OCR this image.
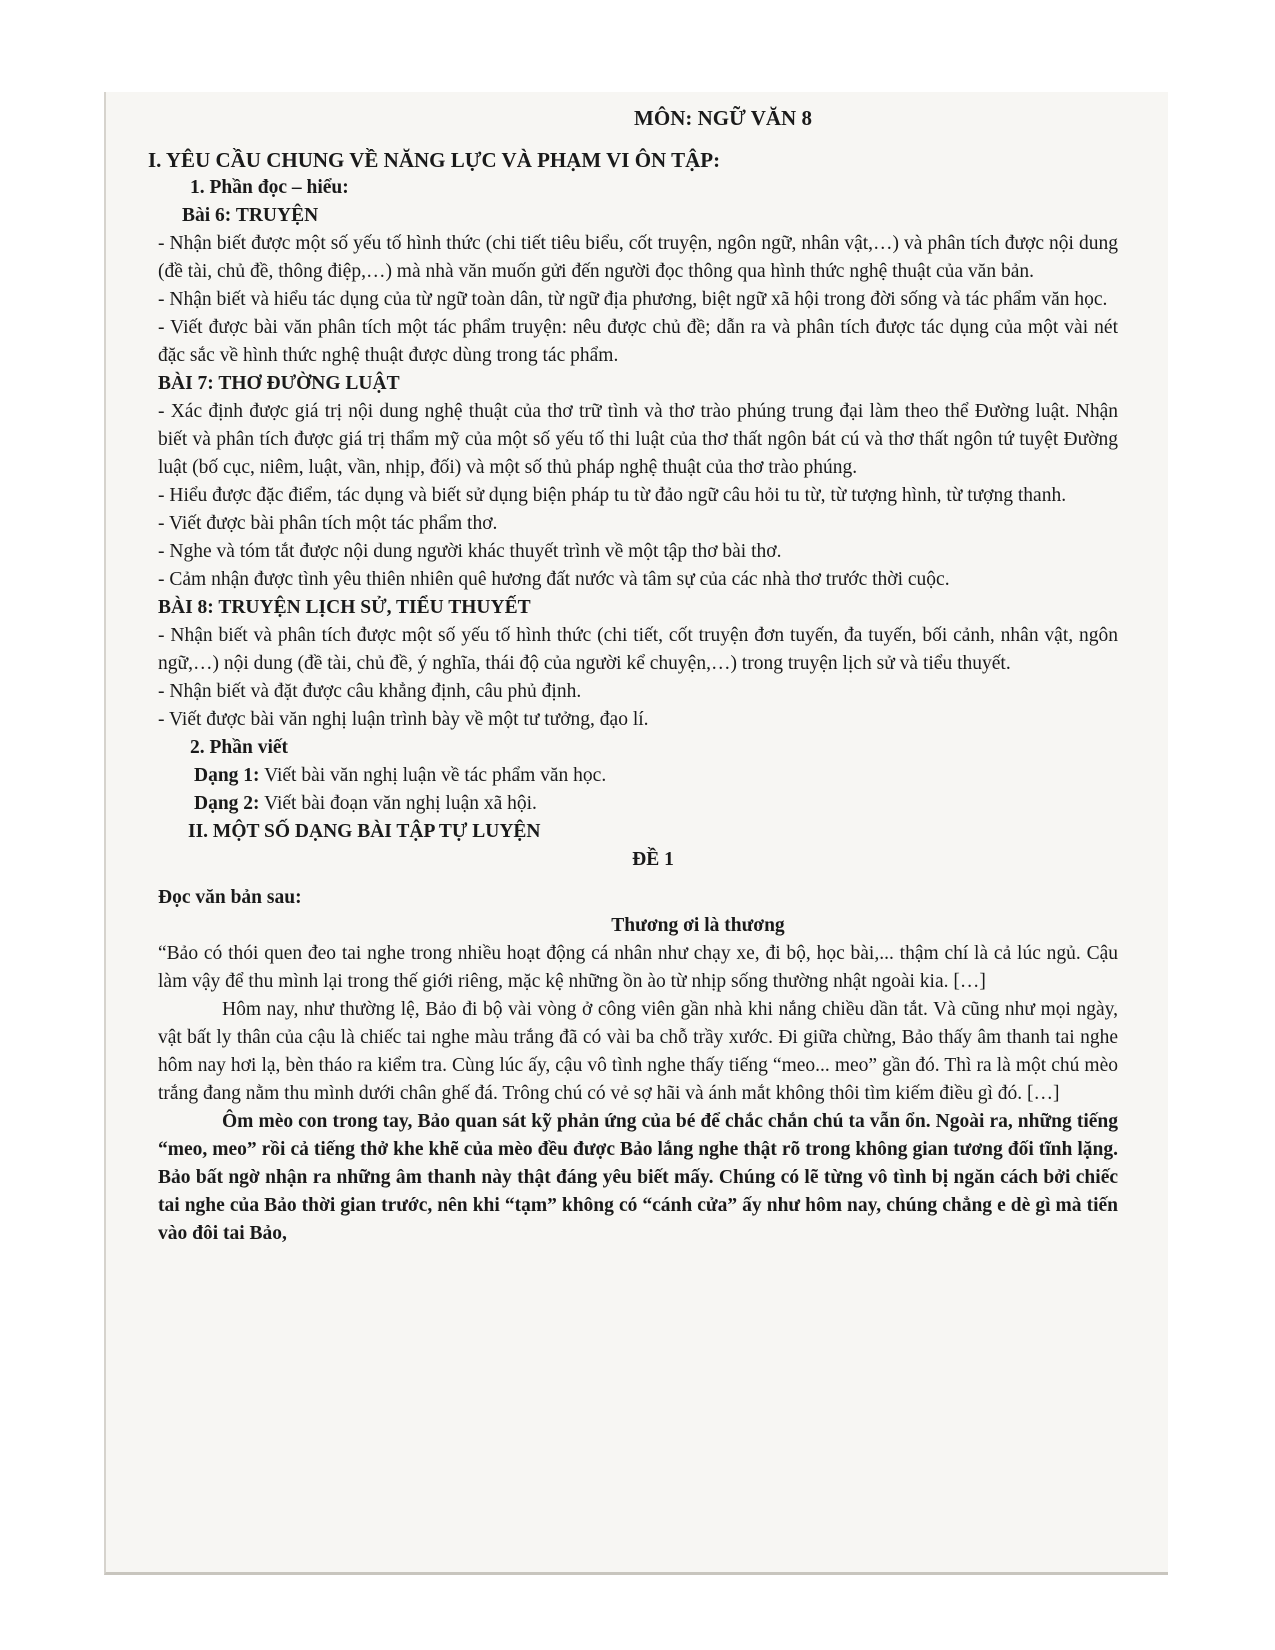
MÔN: NGỮ VĂN 8

I. YÊU CẦU CHUNG VỀ NĂNG LỰC VÀ PHẠM VI ÔN TẬP:

1. Phần đọc – hiểu:

Bài 6: TRUYỆN

- Nhận biết được một số yếu tố hình thức (chi tiết tiêu biểu, cốt truyện, ngôn ngữ, nhân vật,…) và phân tích được nội dung (đề tài, chủ đề, thông điệp,…) mà nhà văn muốn gửi đến người đọc thông qua hình thức nghệ thuật của văn bản.

- Nhận biết và hiểu tác dụng của từ ngữ toàn dân, từ ngữ địa phương, biệt ngữ xã hội trong đời sống và tác phẩm văn học.

- Viết được bài văn phân tích một tác phẩm truyện: nêu được chủ đề; dẫn ra và phân tích được tác dụng của một vài nét đặc sắc về hình thức nghệ thuật được dùng trong tác phẩm.

BÀI 7: THƠ ĐƯỜNG LUẬT

- Xác định được giá trị nội dung nghệ thuật của thơ trữ tình và thơ trào phúng trung đại làm theo thể Đường luật. Nhận biết và phân tích được giá trị thẩm mỹ của một số yếu tố thi luật của thơ thất ngôn bát cú và thơ thất ngôn tứ tuyệt Đường luật (bố cục, niêm, luật, vần, nhịp, đối) và một số thủ pháp nghệ thuật của thơ trào phúng.

- Hiểu được đặc điểm, tác dụng và biết sử dụng biện pháp tu từ đảo ngữ câu hỏi tu từ, từ tượng hình, từ tượng thanh.

- Viết được bài phân tích một tác phẩm thơ.

- Nghe và tóm tắt được nội dung người khác thuyết trình về một tập thơ bài thơ.

- Cảm nhận được tình yêu thiên nhiên quê hương đất nước và tâm sự của các nhà thơ trước thời cuộc.

BÀI 8: TRUYỆN LỊCH SỬ, TIỂU THUYẾT

- Nhận biết và phân tích được một số yếu tố hình thức (chi tiết, cốt truyện đơn tuyến, đa tuyến, bối cảnh, nhân vật, ngôn ngữ,…) nội dung (đề tài, chủ đề, ý nghĩa, thái độ của người kể chuyện,…) trong truyện lịch sử và tiểu thuyết.

- Nhận biết và đặt được câu khẳng định, câu phủ định.

- Viết được bài văn nghị luận trình bày về một tư tưởng, đạo lí.

2. Phần viết

Dạng 1: Viết bài văn nghị luận về tác phẩm văn học.

Dạng 2: Viết bài đoạn văn nghị luận xã hội.

II. MỘT SỐ DẠNG BÀI TẬP TỰ LUYỆN

ĐỀ 1

Đọc văn bản sau:

Thương ơi là thương

“Bảo có thói quen đeo tai nghe trong nhiều hoạt động cá nhân như chạy xe, đi bộ, học bài,... thậm chí là cả lúc ngủ. Cậu làm vậy để thu mình lại trong thế giới riêng, mặc kệ những ồn ào từ nhịp sống thường nhật ngoài kia. […]

Hôm nay, như thường lệ, Bảo đi bộ vài vòng ở công viên gần nhà khi nắng chiều dần tắt. Và cũng như mọi ngày, vật bất ly thân của cậu là chiếc tai nghe màu trắng đã có vài ba chỗ trầy xước. Đi giữa chừng, Bảo thấy âm thanh tai nghe hôm nay hơi lạ, bèn tháo ra kiểm tra. Cùng lúc ấy, cậu vô tình nghe thấy tiếng “meo... meo” gần đó. Thì ra là một chú mèo trắng đang nằm thu mình dưới chân ghế đá. Trông chú có vẻ sợ hãi và ánh mắt không thôi tìm kiếm điều gì đó. […]

Ôm mèo con trong tay, Bảo quan sát kỹ phản ứng của bé để chắc chắn chú ta vẫn ổn. Ngoài ra, những tiếng “meo, meo” rồi cả tiếng thở khe khẽ của mèo đều được Bảo lắng nghe thật rõ trong không gian tương đối tĩnh lặng. Bảo bất ngờ nhận ra những âm thanh này thật đáng yêu biết mấy. Chúng có lẽ từng vô tình bị ngăn cách bởi chiếc tai nghe của Bảo thời gian trước, nên khi “tạm” không có “cánh cửa” ấy như hôm nay, chúng chẳng e dè gì mà tiến vào đôi tai Bảo,
